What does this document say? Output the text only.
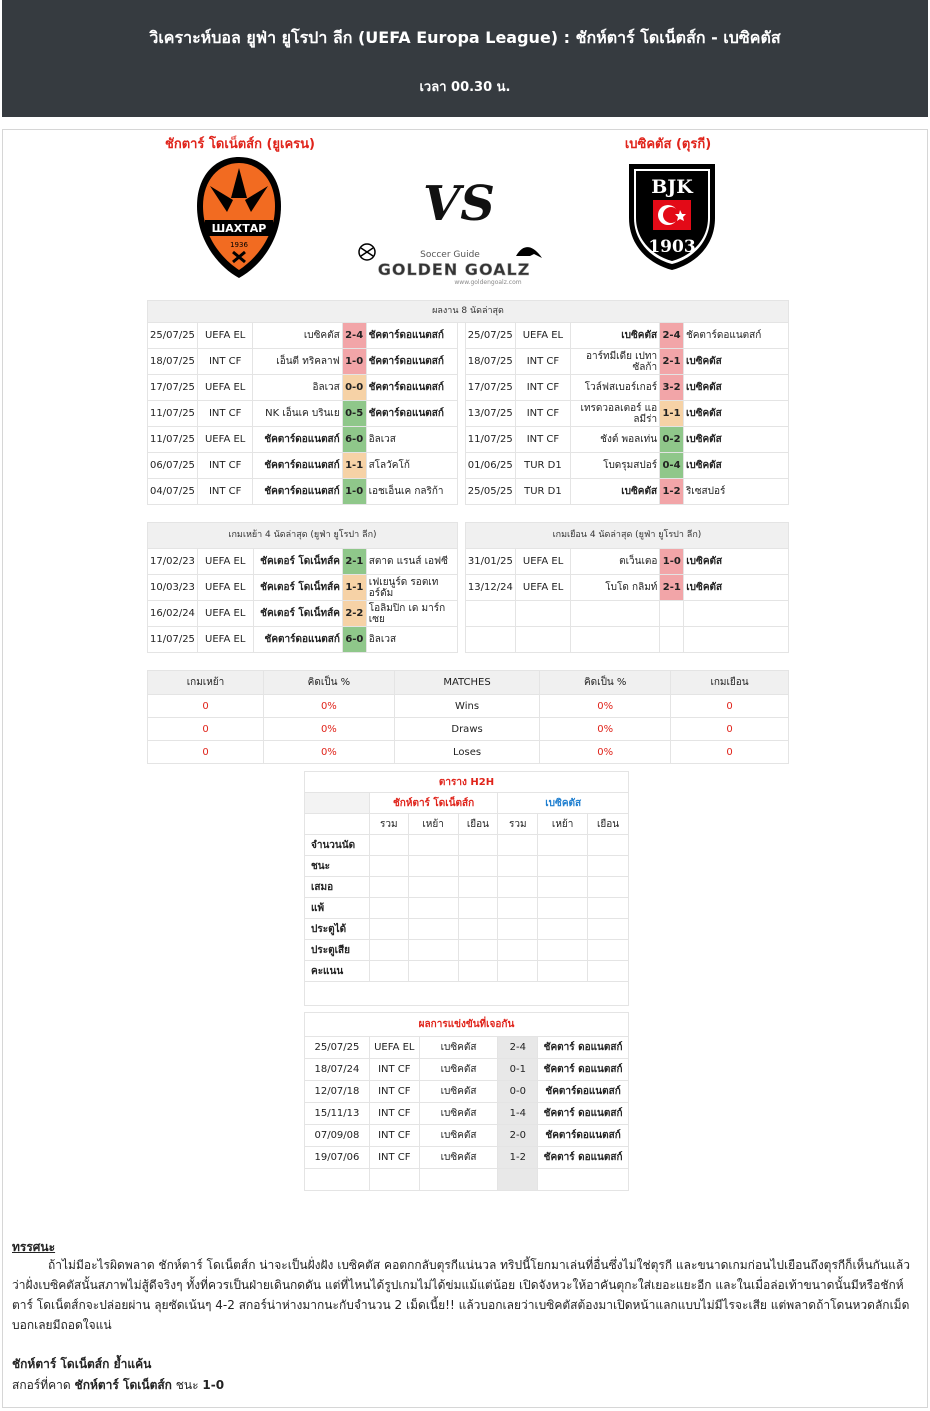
วิเคราะห์บอล ยูฟ่า ยูโรปา ลีก (UEFA Europa League) : ชักห์ตาร์ โดเน็ตส์ก - เบซิคตัส
เวลา 00.30 น.
ชักตาร์ โดเน็ตส์ก (ยูเครน)	เบซิคตัส (ตุรกี)
ШАХТАР
1936
VS
Soccer Guide
GOLDEN GOALZ
www.goldengoalz.com
BJK
1903
ผลงาน 8 นัดล่าสุด										
25/07/25	UEFA EL	เบซิคตัส	2-4	ชัคตาร์ดอแนตสก์		25/07/25	UEFA EL	เบซิคตัส	2-4	ชัคตาร์ดอแนตสก์
18/07/25	INT CF	เอ็นตี ทริคลาฟ	1-0	ชัคตาร์ดอแนตสก์		18/07/25	INT CF	อาร์ทมีเดีย เปทาซัลก้า	2-1	เบซิคตัส
17/07/25	UEFA EL	อิลเวส	0-0	ชัคตาร์ดอแนตสก์		17/07/25	INT CF	โวล์ฟสเบอร์เกอร์	3-2	เบซิคตัส
11/07/25	INT CF	NK เอ็นเค บรินเย	0-5	ชัคตาร์ดอแนตสก์		13/07/25	INT CF	เทรดวอลเตอร์ แอลมีร่า	1-1	เบซิคตัส
11/07/25	UEFA EL	ชัคตาร์ดอแนตสก์	6-0	อิลเวส		11/07/25	INT CF	ชังต์ พอลเท่น	0-2	เบซิคตัส
06/07/25	INT CF	ชัคตาร์ดอแนตสก์	1-1	สโลวัคโก้		01/06/25	TUR D1	โบดรุมสปอร์	0-4	เบซิคตัส
04/07/25	INT CF	ชัคตาร์ดอแนตสก์	1-0	เอชเอ็นเค กลริก้า		25/05/25	TUR D1	เบซิคตัส	1-2	ริเซสปอร์
เกมเหย้า 4 นัดล่าสุด (ยูฟ่า ยูโรปา ลีก)						เกมเยือน 4 นัดล่าสุด (ยูฟ่า ยูโรปา ลีก)				
17/02/23	UEFA EL	ชัคเตอร์ โดเน็ทส์ค	2-1	สตาด แรนส์ เอฟซี		31/01/25	UEFA EL	ตเว็นเตอ	1-0	เบซิคตัส
10/03/23	UEFA EL	ชัคเตอร์ โดเน็ทส์ค	1-1	เฟเยนูร์ด รอตเทอร์ดัม		13/12/24	UEFA EL	โบโด กลิมท์	2-1	เบซิคตัส
16/02/24	UEFA EL	ชัคเตอร์ โดเน็ทส์ค	2-2	โอลิมปิก เด มาร์กเซย						
11/07/25	UEFA EL	ชัคตาร์ดอแนตสก์	6-0	อิลเวส						
เกมเหย้า	คิดเป็น %	MATCHES	คิดเป็น %	เกมเยือน
0	0%	Wins	0%	0
0	0%	Draws	0%	0
0	0%	Loses	0%	0
ตาราง H2H						
	ชักห์ตาร์ โดเน็ตส์ก			เบซิคตัส		
	รวม	เหย้า	เยือน	รวม	เหย้า	เยือน
จำนวนนัด						
ชนะ						
เสมอ						
แพ้						
ประตูได้						
ประตูเสีย						
คะแนน						

ผลการแข่งขันที่เจอกัน				
25/07/25	UEFA EL	เบซิคตัส	2-4	ชัคตาร์ ดอแนตสก์
18/07/24	INT CF	เบซิคตัส	0-1	ชัคตาร์ ดอแนตสก์
12/07/18	INT CF	เบซิคตัส	0-0	ชัคตาร์ดอแนตสก์
15/11/13	INT CF	เบซิคตัส	1-4	ชัคตาร์ ดอแนตสก์
07/09/08	INT CF	เบซิคตัส	2-0	ชัคตาร์ดอแนตสก์
19/07/06	INT CF	เบซิคตัส	1-2	ชัคตาร์ ดอแนตสก์

ทรรศนะ
ถ้าไม่มีอะไรผิดพลาด ชักห์ตาร์ โดเน็ตส์ก น่าจะเป็นฝั่งฝัง เบซิคตัส คอตกกลับตุรกีแน่นวล ทริปนี้โยกมาเล่นที่อื่นซึ่งไม่ใช่ตุรกี และขนาดเกมก่อนไปเยือนถึงตุรกีก็เห็นกันแล้วว่าฝั่งเบซิคตัสนั้นสภาพไม่สู้ดีจริงๆ ทั้งที่ควรเป็นฝ่ายเดินกดดัน แต่ที่ไหนได้รูปเกมไม่ได้ข่มแม้แต่น้อย เปิดจังหวะให้อาคันตุกะใส่เยอะแยะอีก และในเมื่อล่อเท้าขนาดนั้นมีหรือชักห์ตาร์ โดเน็ตส์กจะปล่อยผ่าน ลุยซัดเน้นๆ 4-2 สกอร์น่าห่างมากนะกับจำนวน 2 เม็ดเนี้ย!! แล้วบอกเลยว่าเบซิคตัสต้องมาเปิดหน้าแลกแบบไม่มีไรจะเสีย แต่พลาดถ้าโดนหวดลักเม็ดบอกเลยมีถอดใจแน่
ชักห์ตาร์ โดเน็ตส์ก ย้ำแค้น
สกอร์ที่คาด ชักห์ตาร์ โดเน็ตส์ก ชนะ 1-0
